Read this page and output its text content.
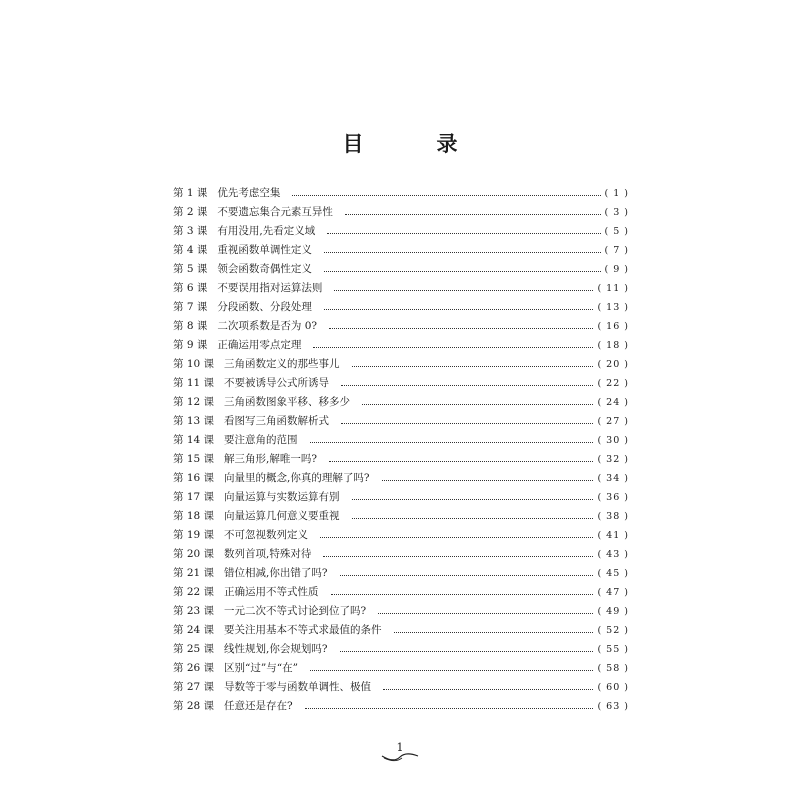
目　录
第 1 课 优先考虑空集	( 1 )
第 2 课 不要遗忘集合元素互异性	( 3 )
第 3 课 有用没用,先看定义域	( 5 )
第 4 课 重视函数单调性定义	( 7 )
第 5 课 领会函数奇偶性定义	( 9 )
第 6 课 不要误用指对运算法则	( 11 )
第 7 课 分段函数、分段处理	( 13 )
第 8 课 二次项系数是否为 0?	( 16 )
第 9 课 正确运用零点定理	( 18 )
第 10 课 三角函数定义的那些事儿	( 20 )
第 11 课 不要被诱导公式所诱导	( 22 )
第 12 课 三角函数图象平移、移多少	( 24 )
第 13 课 看图写三角函数解析式	( 27 )
第 14 课 要注意角的范围	( 30 )
第 15 课 解三角形,解唯一吗?	( 32 )
第 16 课 向量里的概念,你真的理解了吗?	( 34 )
第 17 课 向量运算与实数运算有别	( 36 )
第 18 课 向量运算几何意义要重视	( 38 )
第 19 课 不可忽视数列定义	( 41 )
第 20 课 数列首项,特殊对待	( 43 )
第 21 课 错位相减,你出错了吗?	( 45 )
第 22 课 正确运用不等式性质	( 47 )
第 23 课 一元二次不等式讨论到位了吗?	( 49 )
第 24 课 要关注用基本不等式求最值的条件	( 52 )
第 25 课 线性规划,你会规划吗?	( 55 )
第 26 课 区别“过”与“在”	( 58 )
第 27 课 导数等于零与函数单调性、极值	( 60 )
第 28 课 任意还是存在?	( 63 )
1
